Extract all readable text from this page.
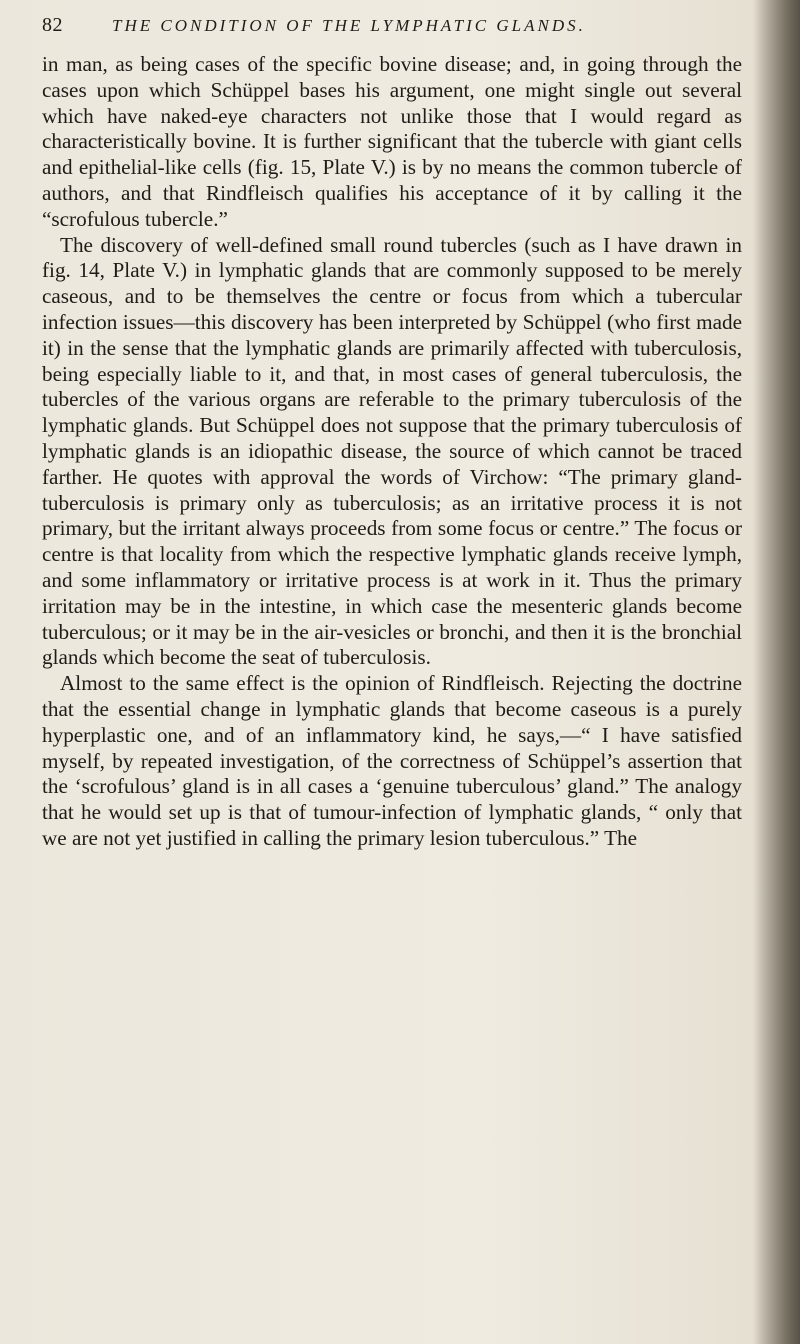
82	THE CONDITION OF THE LYMPHATIC GLANDS.

in man, as being cases of the specific bovine disease; and, in going through the cases upon which Schüppel bases his argument, one might single out several which have naked-eye characters not unlike those that I would regard as characteristically bovine. It is further significant that the tubercle with giant cells and epithelial-like cells (fig. 15, Plate V.) is by no means the common tubercle of authors, and that Rindfleisch qualifies his acceptance of it by calling it the “scrofulous tubercle.”

The discovery of well-defined small round tubercles (such as I have drawn in fig. 14, Plate V.) in lymphatic glands that are commonly supposed to be merely caseous, and to be themselves the centre or focus from which a tubercular infection issues—this discovery has been interpreted by Schüppel (who first made it) in the sense that the lymphatic glands are primarily affected with tuberculosis, being especially liable to it, and that, in most cases of general tuberculosis, the tubercles of the various organs are referable to the primary tuberculosis of the lymphatic glands. But Schüppel does not suppose that the primary tuberculosis of lymphatic glands is an idiopathic disease, the source of which cannot be traced farther. He quotes with approval the words of Virchow: “The primary gland-tuberculosis is primary only as tuberculosis; as an irritative process it is not primary, but the irritant always proceeds from some focus or centre.” The focus or centre is that locality from which the respective lymphatic glands receive lymph, and some inflammatory or irritative process is at work in it. Thus the primary irritation may be in the intestine, in which case the mesenteric glands become tuberculous; or it may be in the air-vesicles or bronchi, and then it is the bronchial glands which become the seat of tuberculosis.

Almost to the same effect is the opinion of Rindfleisch. Rejecting the doctrine that the essential change in lymphatic glands that become caseous is a purely hyperplastic one, and of an inflammatory kind, he says,—“ I have satisfied myself, by repeated investigation, of the correctness of Schüppel’s assertion that the ‘scrofulous’ gland is in all cases a ‘genuine tuberculous’ gland.” The analogy that he would set up is that of tumour-infection of lymphatic glands, “ only that we are not yet justified in calling the primary lesion tuberculous.” The
